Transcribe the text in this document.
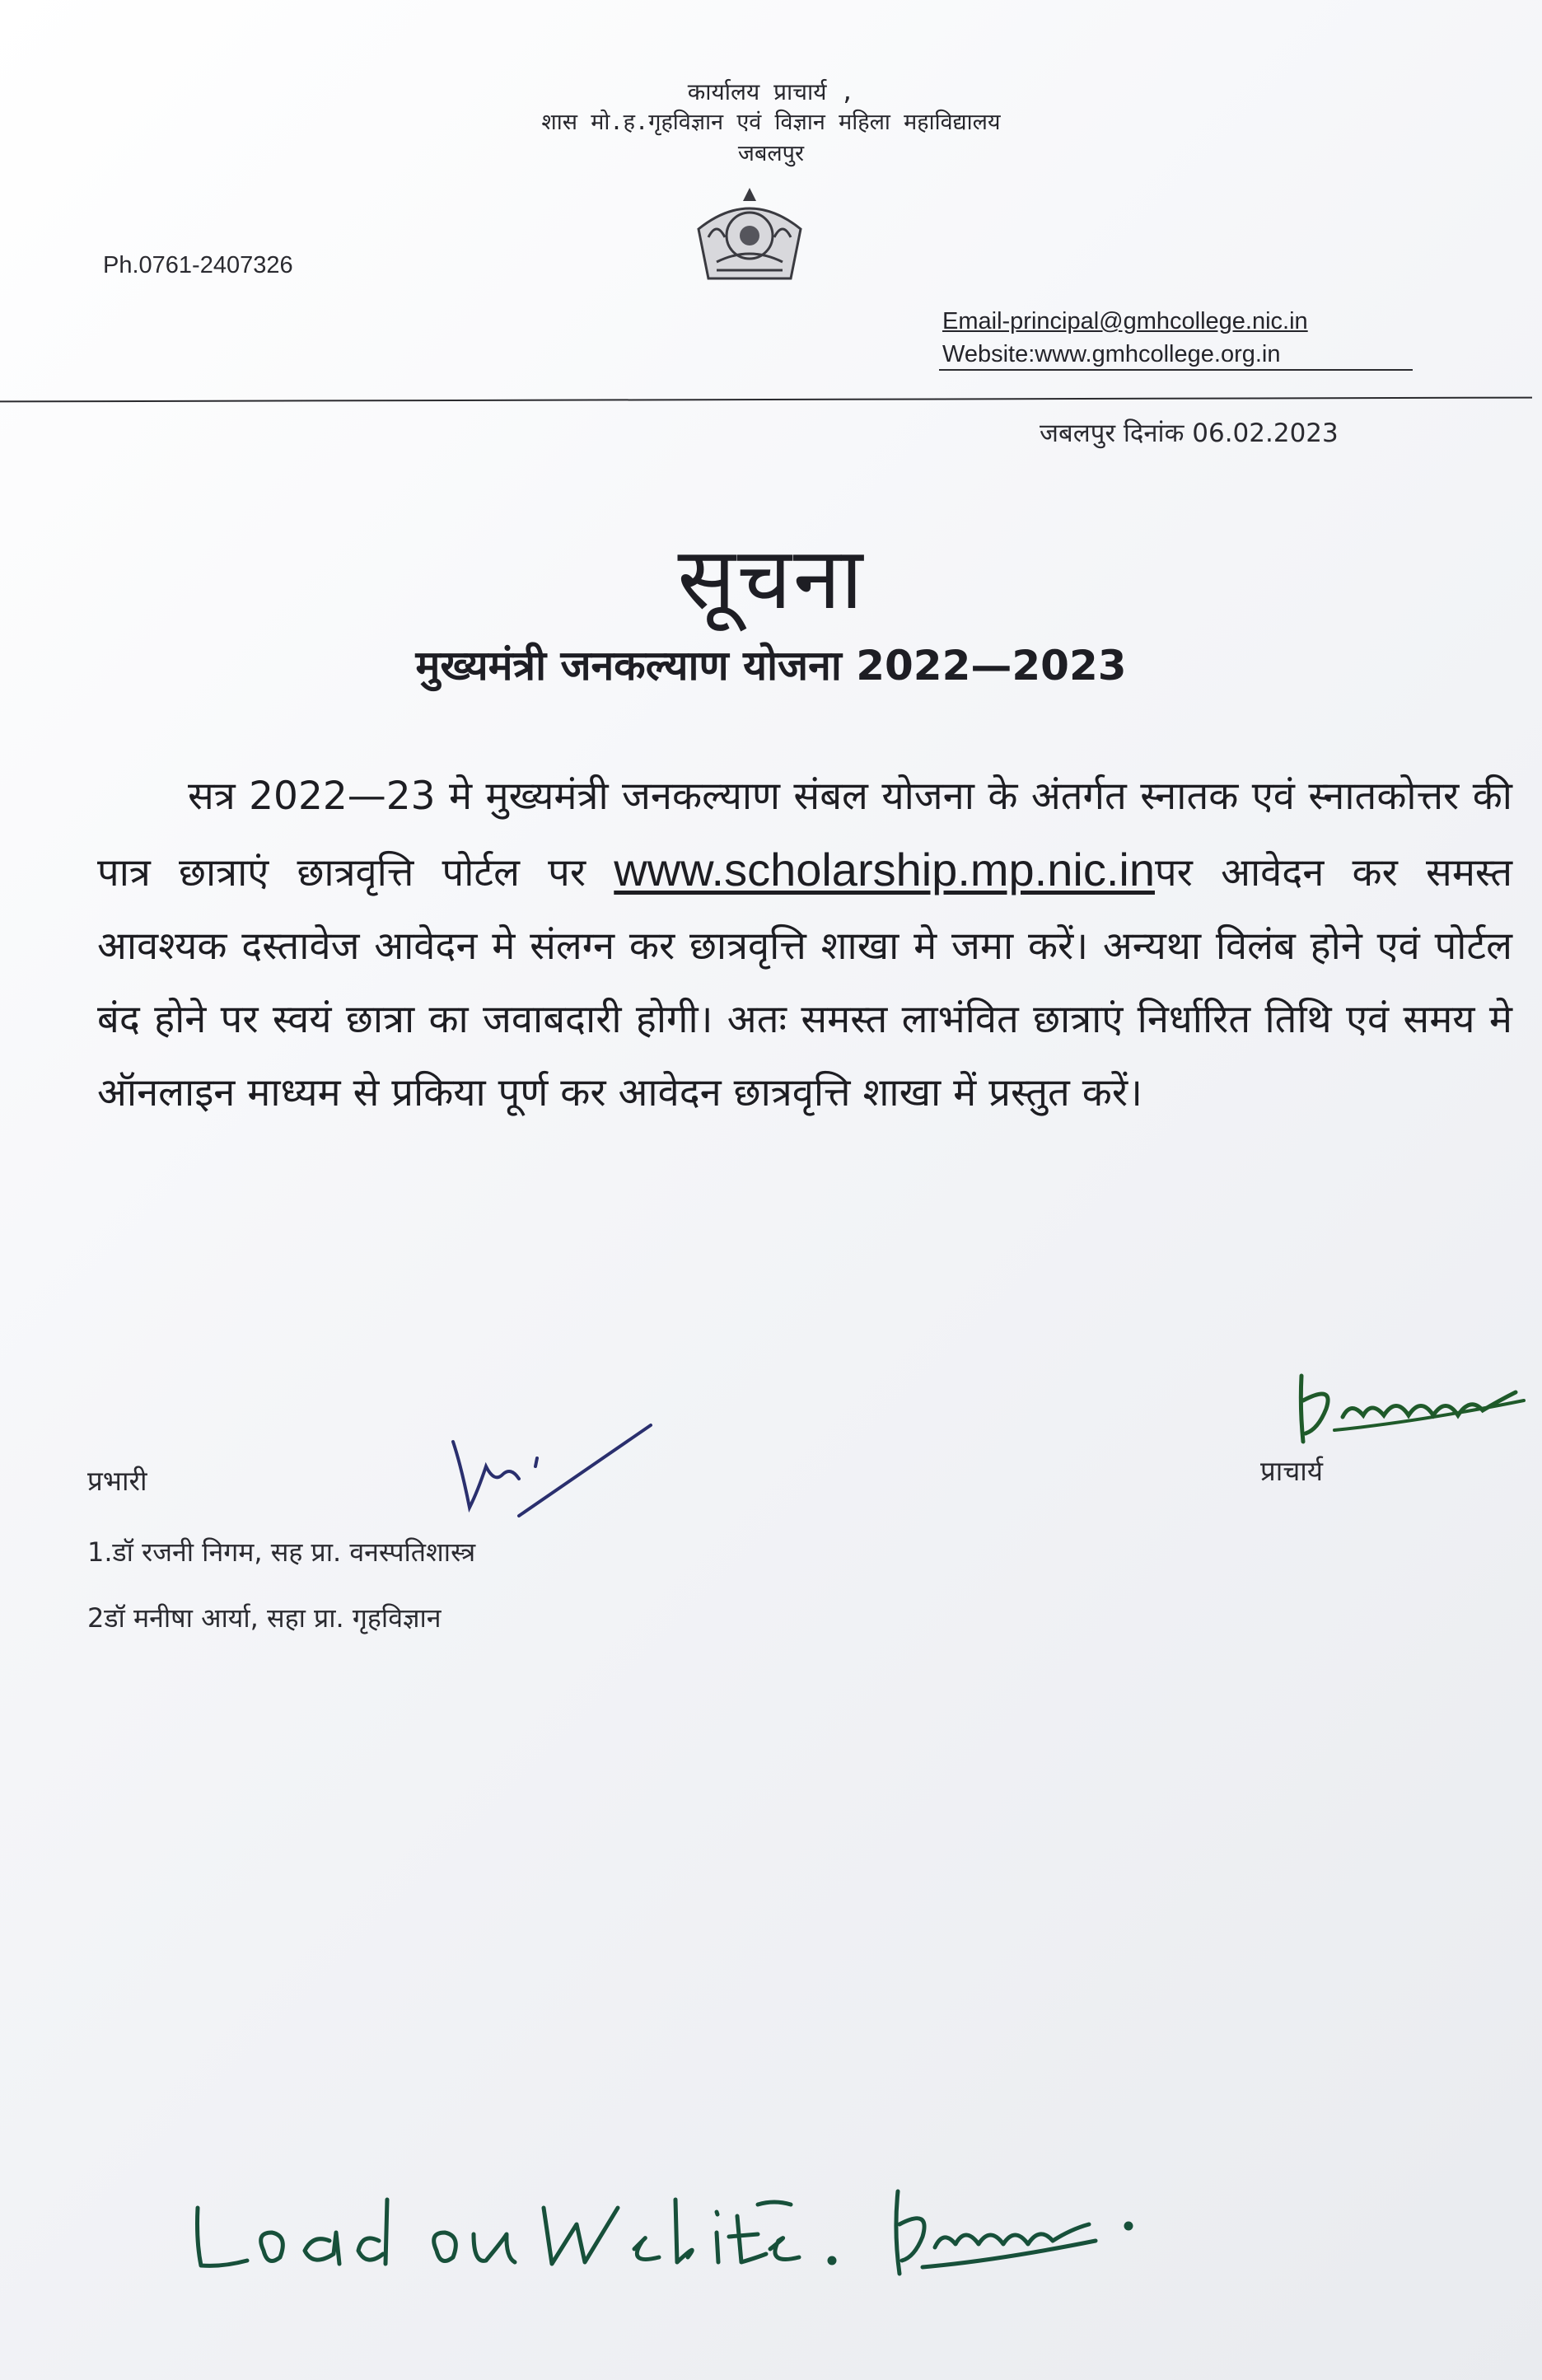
कार्यालय प्राचार्य ,
शास मो.ह.गृहविज्ञान एवं विज्ञान महिला महाविद्यालय
जबलपुर
Ph.0761-2407326
Email-principal@gmhcollege.nic.in
Website:www.gmhcollege.org.in
जबलपुर दिनांक 06.02.2023
सूचना
मुख्यमंत्री जनकल्याण योजना 2022—2023
सत्र 2022—23 मे मुख्यमंत्री जनकल्याण संबल योजना के अंतर्गत स्नातक एवं स्नातकोत्तर की पात्र छात्राएं छात्रवृत्ति पोर्टल पर www.scholarship.mp.nic.inपर आवेदन कर समस्त आवश्यक दस्तावेज आवेदन मे संलग्न कर छात्रवृत्ति शाखा मे जमा करें। अन्यथा विलंब होने एवं पोर्टल बंद होने पर स्वयं छात्रा का जवाबदारी होगी। अतः समस्त लाभंवित छात्राएं निर्धारित तिथि एवं समय मे ऑनलाइन माध्यम से प्रकिया पूर्ण कर आवेदन छात्रवृत्ति शाखा में प्रस्तुत करें।
प्रभारी
1.डॉ रजनी निगम, सह प्रा. वनस्पतिशास्त्र
2डॉ मनीषा आर्या, सहा प्रा. गृहविज्ञान
प्राचार्य
